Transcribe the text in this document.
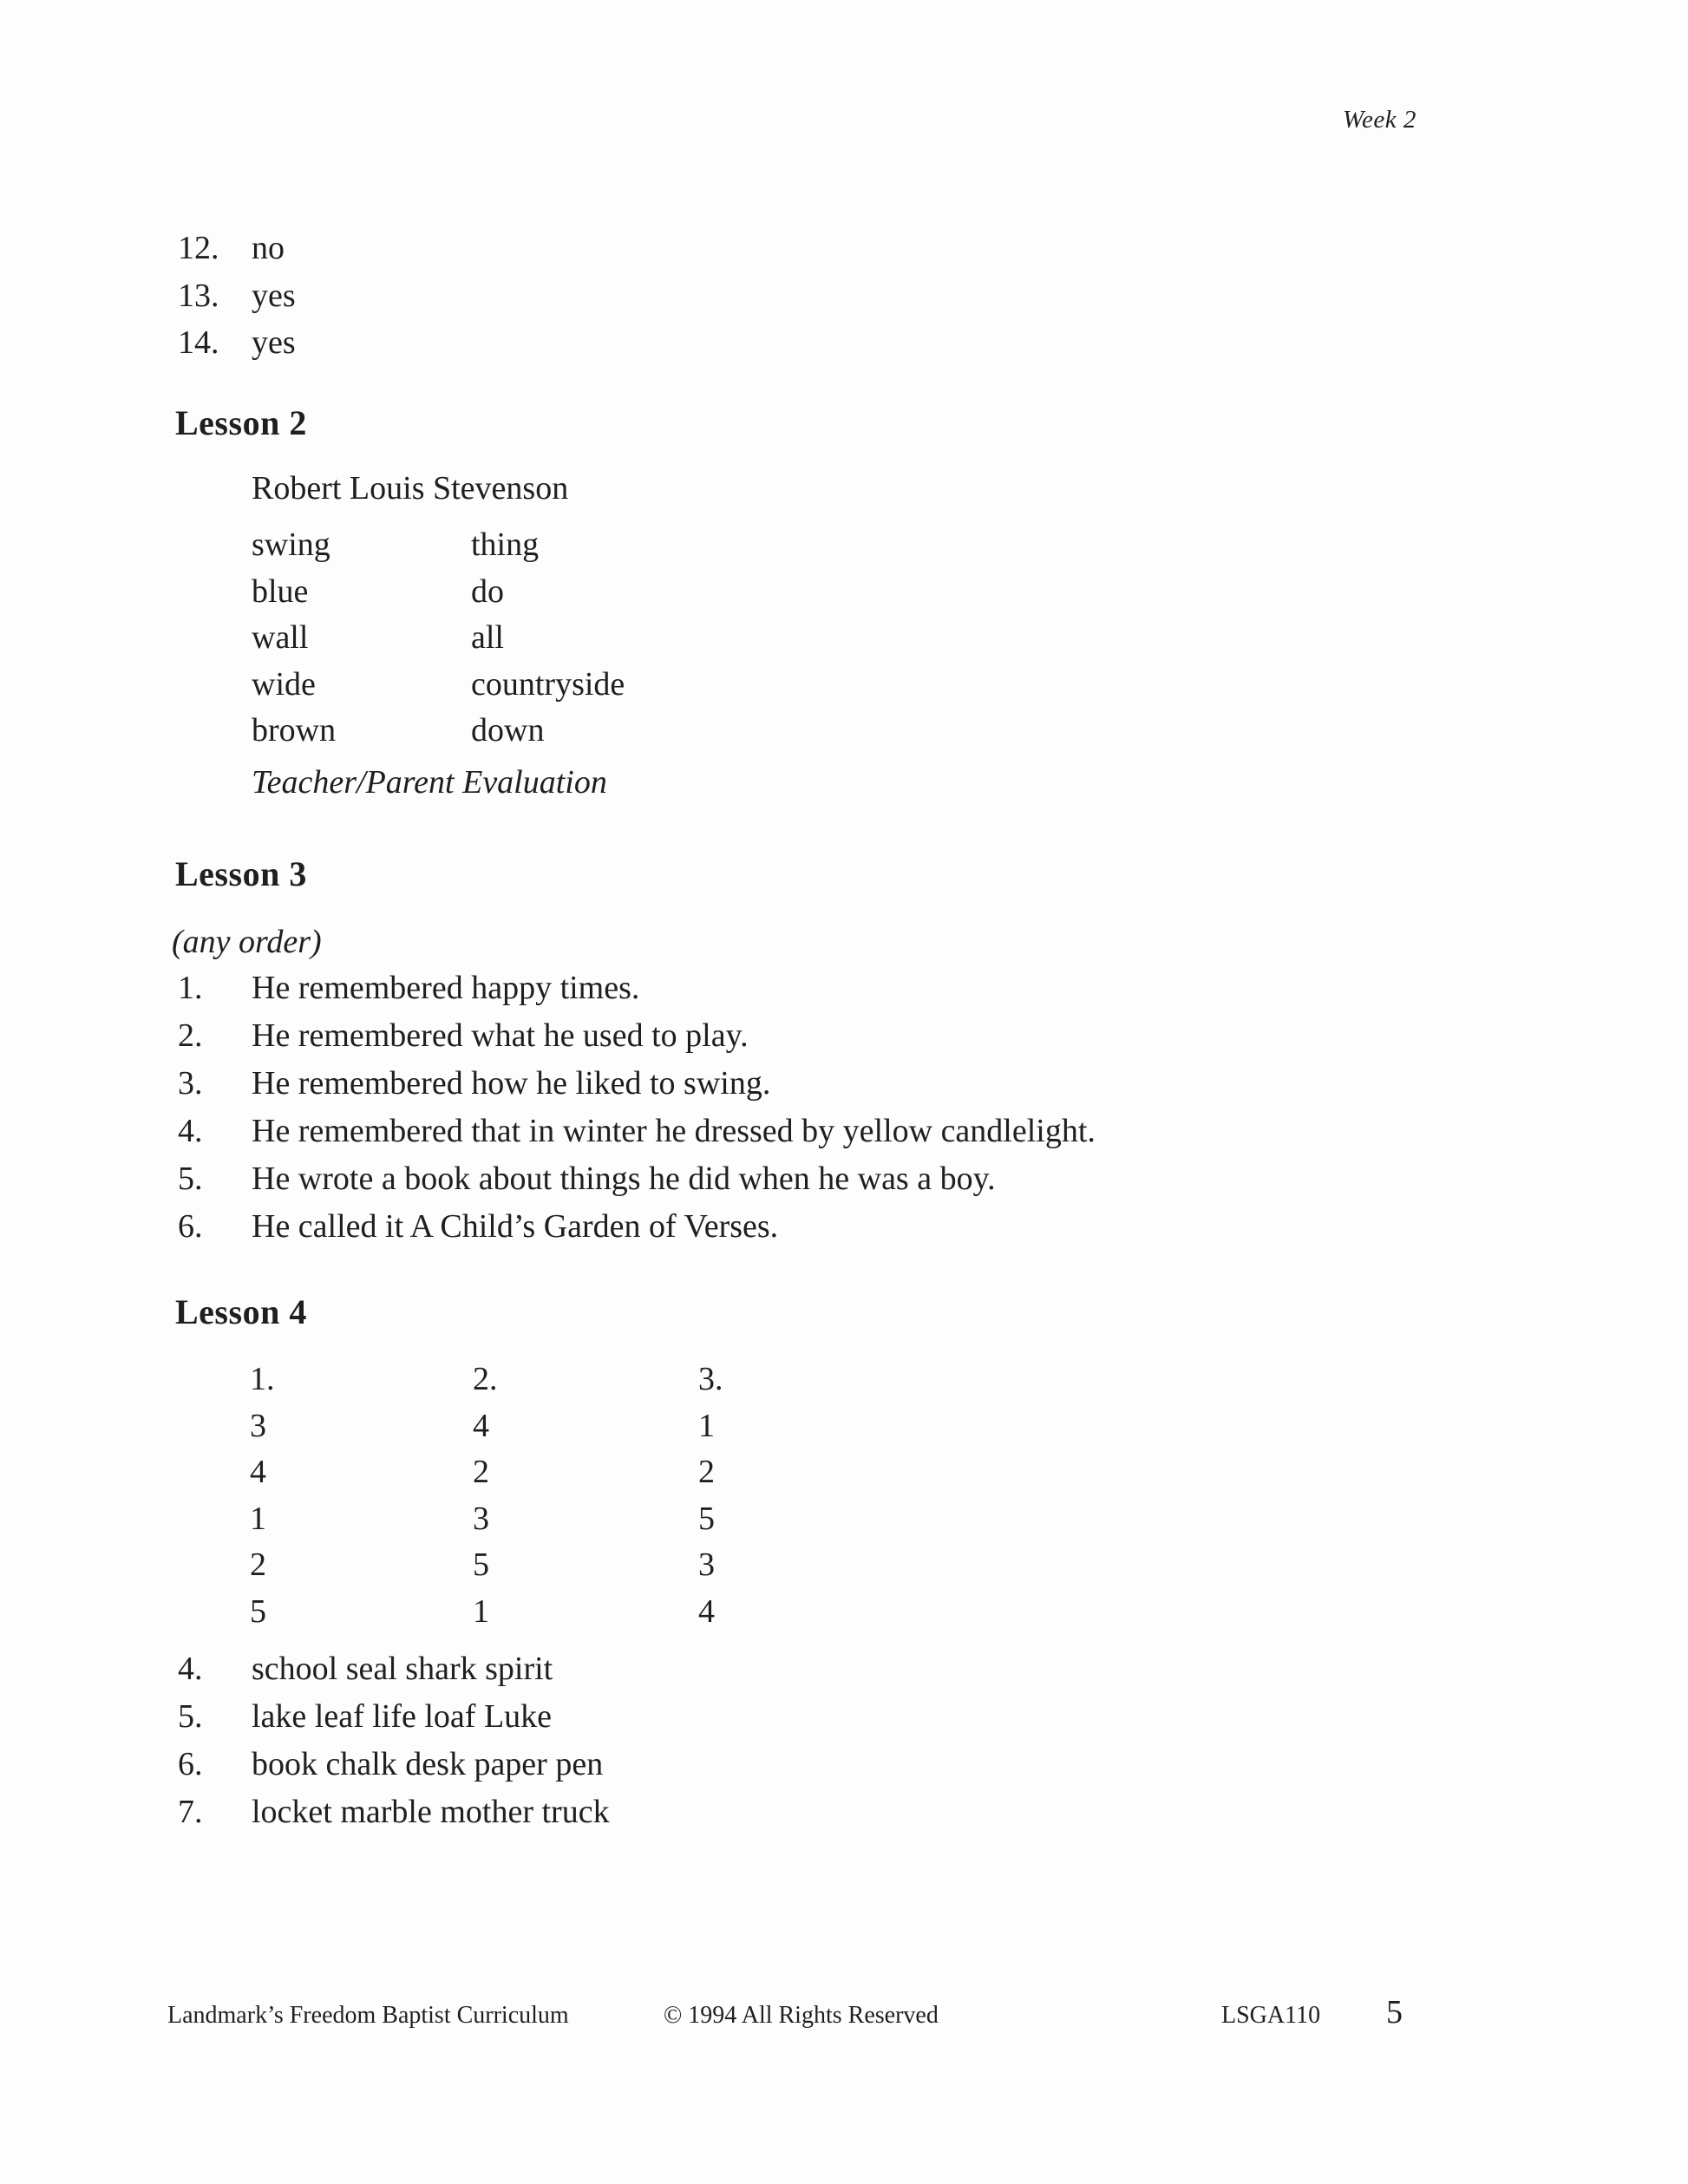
Week 2
12. no
13. yes
14. yes
Lesson 2
Robert Louis Stevenson
swing	thing
blue	do
wall	all
wide	countryside
brown	down
Teacher/Parent Evaluation
Lesson 3
(any order)
1.	He remembered happy times.
2.	He remembered what he used to play.
3.	He remembered how he liked to swing.
4.	He remembered that in winter he dressed by yellow candlelight.
5.	He wrote a book about things he did when he was a boy.
6.	He called it A Child’s Garden of Verses.
Lesson 4
1.	2.	3.
3	4	1
4	2	2
1	3	5
2	5	3
5	1	4
4.	school seal shark spirit
5.	lake leaf life loaf Luke
6.	book chalk desk paper pen
7.	locket marble mother truck
Landmark’s Freedom Baptist Curriculum	© 1994 All Rights Reserved	LSGA110 5
